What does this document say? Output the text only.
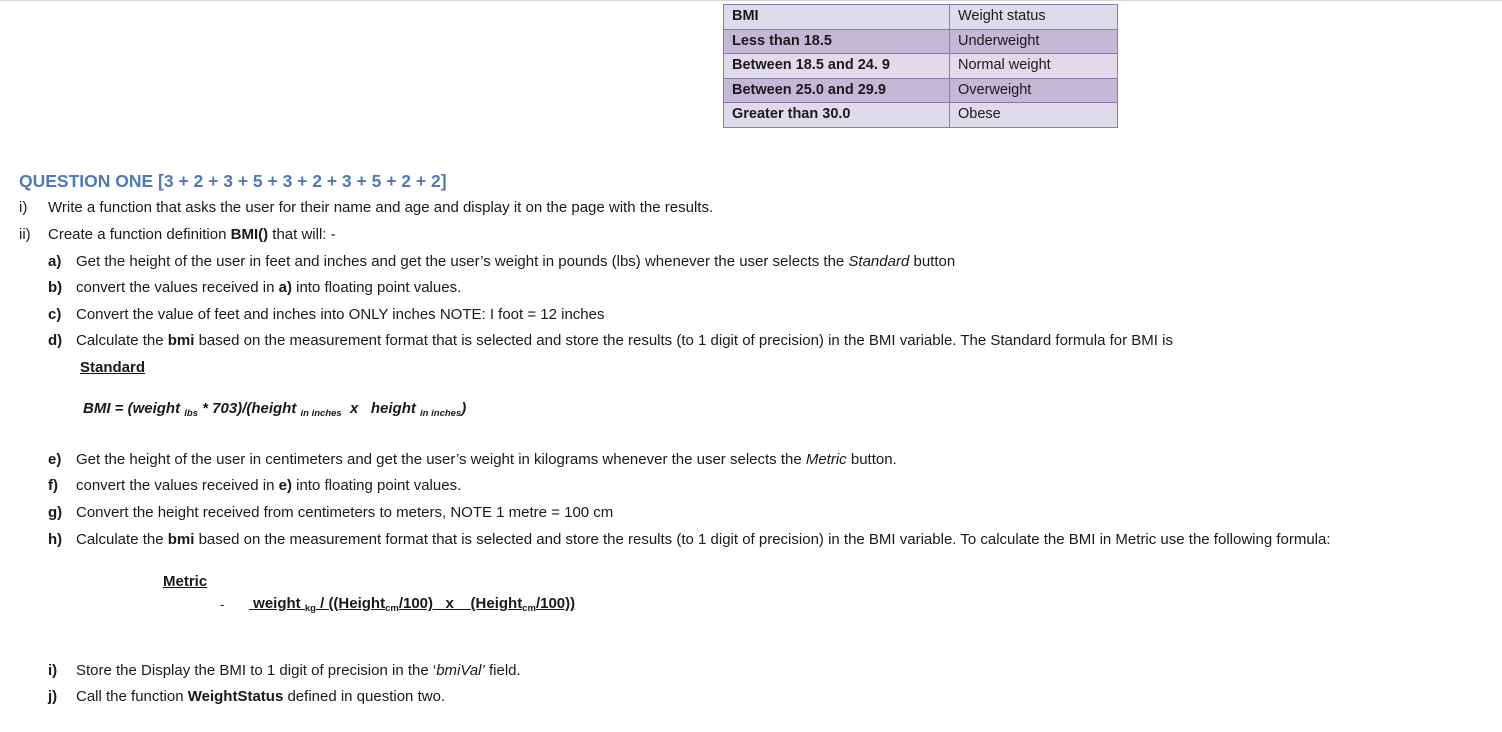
BMI	Weight status
Less than 18.5	Underweight
Between 18.5 and 24. 9	Normal weight
Between 25.0 and 29.9	Overweight
Greater than 30.0	Obese
QUESTION ONE [3 + 2 + 3 + 5 + 3 + 2 + 3 + 5 + 2 + 2]
i) Write a function that asks the user for their name and age and display it on the page with the results.
ii) Create a function definition BMI() that will: -
a) Get the height of the user in feet and inches and get the user’s weight in pounds (lbs) whenever the user selects the Standard button
b) convert the values received in a) into floating point values.
c) Convert the value of feet and inches into ONLY inches NOTE: I foot = 12 inches
d) Calculate the bmi based on the measurement format that is selected and store the results (to 1 digit of precision) in the BMI variable. The Standard formula for BMI is
Standard
BMI = (weight $_{lbs}$ * 703)/(height $_{in inches}$  x   height $_{in inches}$)
e) Get the height of the user in centimeters and get the user’s weight in kilograms whenever the user selects the Metric button.
f) convert the values received in e) into floating point values.
g) Convert the height received from centimeters to meters, NOTE 1 metre = 100 cm
h) Calculate the bmi based on the measurement format that is selected and store the results (to 1 digit of precision) in the BMI variable. To calculate the BMI in Metric use the following formula:
Metric
- weight $_{kg}$ / ((Height$_{cm}$/100)   x    (Height$_{cm}$/100))
i) Store the Display the BMI to 1 digit of precision in the ‘bmiVal’ field.
j) Call the function WeightStatus defined in question two.
